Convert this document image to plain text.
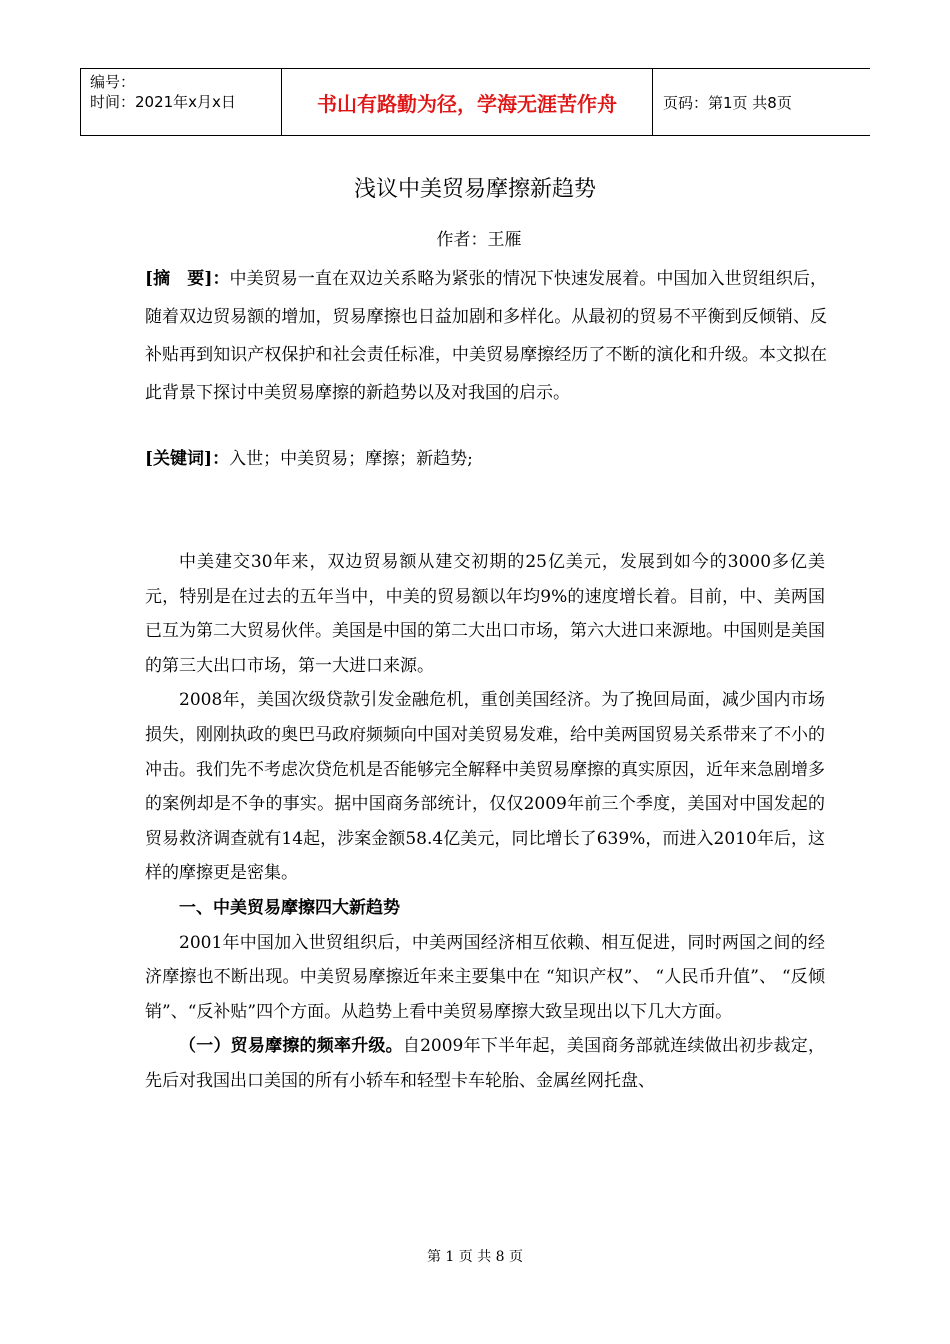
编号：
时间：2021年x月x日	书山有路勤为径，学海无涯苦作舟	页码：第1页 共8页
浅议中美贸易摩擦新趋势
作者：王雁
[摘　要]：中美贸易一直在双边关系略为紧张的情况下快速发展着。中国加入世贸组织后，随着双边贸易额的增加，贸易摩擦也日益加剧和多样化。从最初的贸易不平衡到反倾销、反补贴再到知识产权保护和社会责任标准，中美贸易摩擦经历了不断的演化和升级。本文拟在此背景下探讨中美贸易摩擦的新趋势以及对我国的启示。
[关键词]：入世；中美贸易；摩擦；新趋势;

中美建交30年来，双边贸易额从建交初期的25亿美元，发展到如今的3000多亿美元，特别是在过去的五年当中，中美的贸易额以年均9%的速度增长着。目前，中、美两国已互为第二大贸易伙伴。美国是中国的第二大出口市场，第六大进口来源地。中国则是美国的第三大出口市场，第一大进口来源。

2008年，美国次级贷款引发金融危机，重创美国经济。为了挽回局面，减少国内市场损失，刚刚执政的奥巴马政府频频向中国对美贸易发难，给中美两国贸易关系带来了不小的冲击。我们先不考虑次贷危机是否能够完全解释中美贸易摩擦的真实原因，近年来急剧增多的案例却是不争的事实。据中国商务部统计，仅仅2009年前三个季度，美国对中国发起的贸易救济调查就有14起，涉案金额58.4亿美元，同比增长了639%，而进入2010年后，这样的摩擦更是密集。

一、中美贸易摩擦四大新趋势

2001年中国加入世贸组织后，中美两国经济相互依赖、相互促进，同时两国之间的经济摩擦也不断出现。中美贸易摩擦近年来主要集中在 “知识产权”、 “人民币升值”、 “反倾销”、“反补贴”四个方面。从趋势上看中美贸易摩擦大致呈现出以下几大方面。

（一）贸易摩擦的频率升级。自2009年下半年起，美国商务部就连续做出初步裁定，先后对我国出口美国的所有小轿车和轻型卡车轮胎、金属丝网托盘、

第 1 页 共 8 页
